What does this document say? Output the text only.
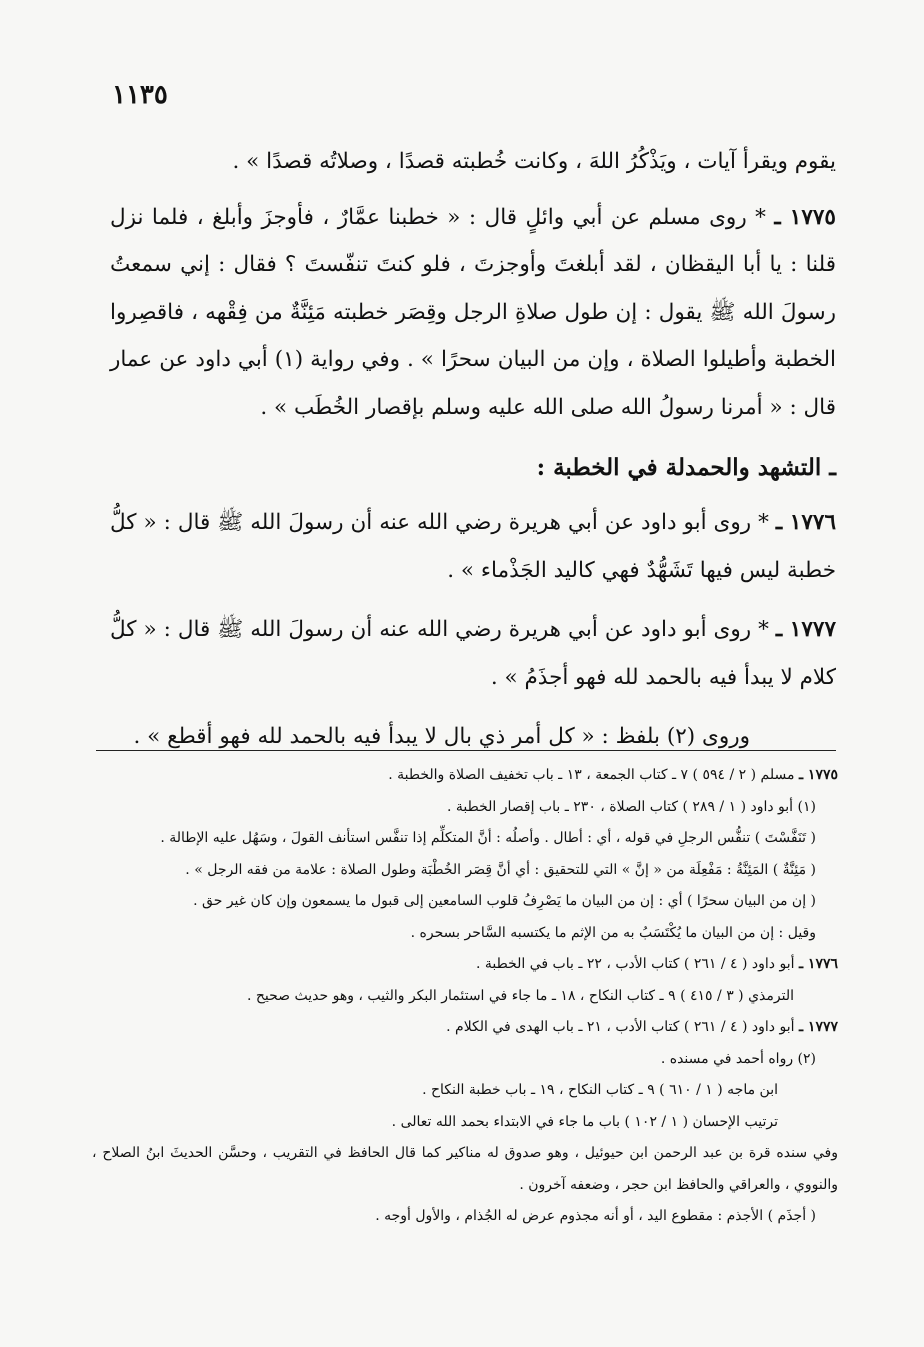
١١٣٥

يقوم ويقرأ آيات ، ويَذْكُرُ اللهَ ، وكانت خُطبته قصدًا ، وصلاتُه قصدًا » .

١٧٧٥ ـ * روى مسلم عن أبي وائلٍ قال : « خطبنا عمَّارٌ ، فأوجزَ وأبلغ ، فلما نزل قلنا : يا أبا اليقظان ، لقد أبلغتَ وأوجزتَ ، فلو كنتَ تنفّستَ ؟ فقال : إني سمعتُ رسولَ الله ﷺ يقول : إن طول صلاةِ الرجل وقِصَر خطبته مَئِنَّةٌ من فِقْهه ، فاقصِروا الخطبة وأطيلوا الصلاة ، وإن من البيان سحرًا » . وفي رواية (١) أبي داود عن عمار قال : « أمرنا رسولُ الله صلى الله عليه وسلم بإقصار الخُطَب » .

ـ التشهد والحمدلة في الخطبة :

١٧٧٦ ـ * روى أبو داود عن أبي هريرة رضي الله عنه أن رسولَ الله ﷺ قال : « كلُّ خطبة ليس فيها تَشَهُّدٌ فهي كاليد الجَذْماء » .

١٧٧٧ ـ * روى أبو داود عن أبي هريرة رضي الله عنه أن رسولَ الله ﷺ قال : « كلُّ كلام لا يبدأ فيه بالحمد لله فهو أجذَمُ » .

وروى (٢) بلفظ : « كل أمر ذي بال لا يبدأ فيه بالحمد لله فهو أقطع » .

١٧٧٥ ـ مسلم ( ٢ / ٥٩٤ ) ٧ ـ كتاب الجمعة ، ١٣ ـ باب تخفيف الصلاة والخطبة .

(١) أبو داود ( ١ / ٢٨٩ ) كتاب الصلاة ، ٢٣٠ ـ باب إقصار الخطبة .

( تَنَفَّسْتَ ) تنفُّس الرجلِ في قوله ، أي : أطال . وأصلُه : أنَّ المتكلِّم إذا تنفَّس استأنف القولَ ، وسَهُل عليه الإطالة .

( مَئِنَّةٌ ) المَئِنَّةُ : مَفْعِلَة من « إنَّ » التي للتحقيق : أي أنَّ قِصَر الخُطْبَة وطول الصلاة : علامة من فقه الرجل » .

( إن من البيان سحرًا ) أي : إن من البيان ما يَصْرِفُ قلوب السامعين إلى قبول ما يسمعون وإن كان غير حق .

وقيل : إن من البيان ما يُكْتَسَبُ به من الإثم ما يكتسبه السَّاحر بسحره .

١٧٧٦ ـ أبو داود ( ٤ / ٢٦١ ) كتاب الأدب ، ٢٢ ـ باب في الخطبة .

الترمذي ( ٣ / ٤١٥ ) ٩ ـ كتاب النكاح ، ١٨ ـ ما جاء في استئمار البكر والثيب ، وهو حديث صحيح .

١٧٧٧ ـ أبو داود ( ٤ / ٢٦١ ) كتاب الأدب ، ٢١ ـ باب الهدى في الكلام .

(٢) رواه أحمد في مسنده .

ابن ماجه ( ١ / ٦١٠ ) ٩ ـ كتاب النكاح ، ١٩ ـ باب خطبة النكاح .

ترتيب الإحسان ( ١ / ١٠٢ ) باب ما جاء في الابتداء بحمد الله تعالى .

وفي سنده قرة بن عبد الرحمن ابن حيوئيل ، وهو صدوق له مناكير كما قال الحافظ في التقريب ، وحسَّن الحديثَ ابنُ الصلاح ، والنووي ، والعراقي والحافظ ابن حجر ، وضعفه آخرون .

( أجذَم ) الأجذم : مقطوع اليد ، أو أنه مجذوم عرض له الجُذام ، والأول أوجه .
